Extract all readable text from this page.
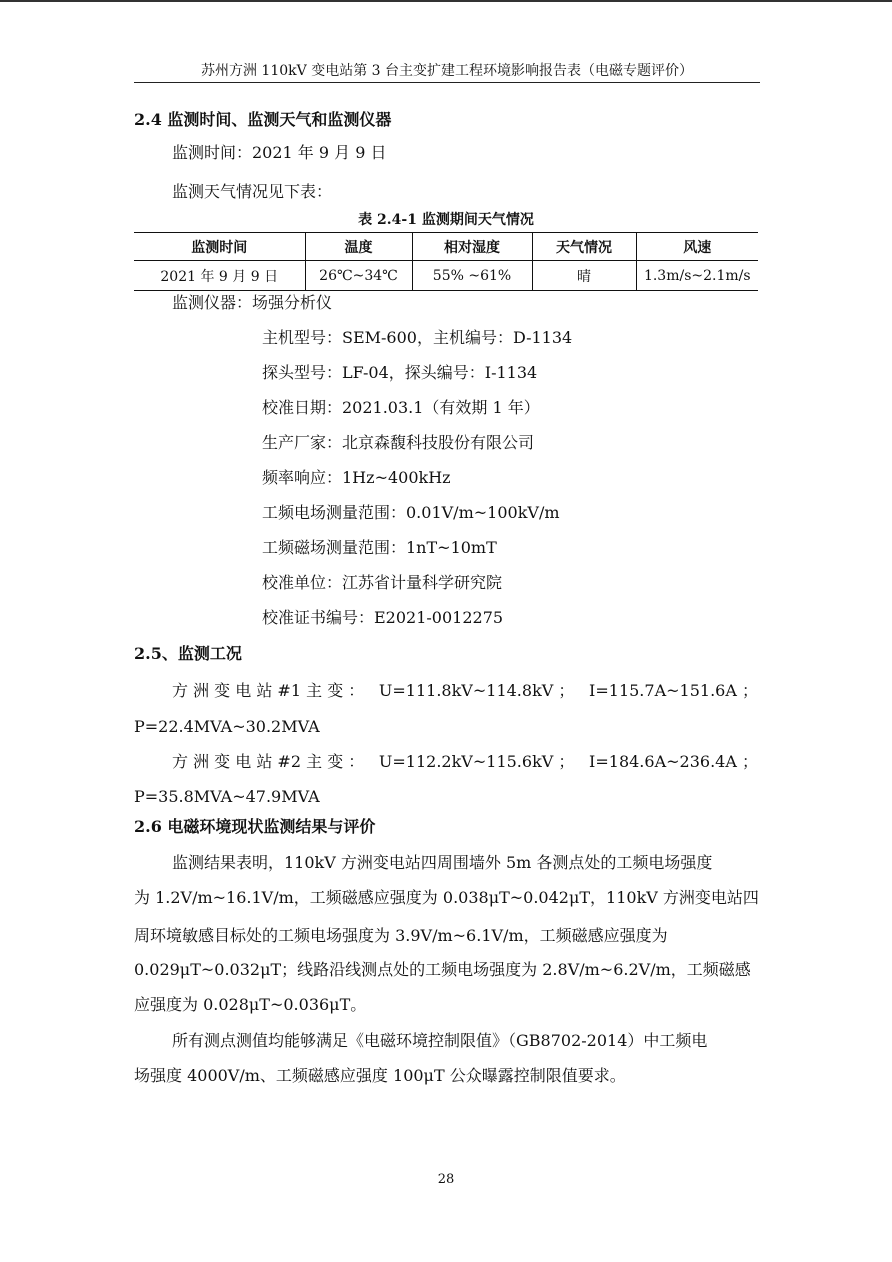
苏州方洲 110kV 变电站第 3 台主变扩建工程环境影响报告表（电磁专题评价）
2.4 监测时间、监测天气和监测仪器
监测时间：2021 年 9 月 9 日
监测天气情况见下表：
表 2.4-1 监测期间天气情况
监测时间	温度	相对湿度	天气情况	风速
2021 年 9 月 9 日	26℃~34℃	55% ~61%	晴	1.3m/s~2.1m/s
监测仪器：场强分析仪
主机型号：SEM-600，主机编号：D-1134
探头型号：LF-04，探头编号：I-1134
校准日期：2021.03.1（有效期 1 年）
生产厂家：北京森馥科技股份有限公司
频率响应：1Hz~400kHz
工频电场测量范围：0.01V/m~100kV/m
工频磁场测量范围：1nT~10mT
校准单位：江苏省计量科学研究院
校准证书编号：E2021-0012275
2.5、监测工况
方 洲 变 电 站 #1 主 变 ： U=111.8kV~114.8kV ； I=115.7A~151.6A ；
P=22.4MVA~30.2MVA
方 洲 变 电 站 #2 主 变 ： U=112.2kV~115.6kV ； I=184.6A~236.4A ；
P=35.8MVA~47.9MVA
2.6 电磁环境现状监测结果与评价
监测结果表明，110kV 方洲变电站四周围墙外 5m 各测点处的工频电场强度
为 1.2V/m~16.1V/m，工频磁感应强度为 0.038μT~0.042μT，110kV 方洲变电站四
周环境敏感目标处的工频电场强度为 3.9V/m~6.1V/m，工频磁感应强度为
0.029μT~0.032μT；线路沿线测点处的工频电场强度为 2.8V/m~6.2V/m，工频磁感
应强度为 0.028μT~0.036μT。
所有测点测值均能够满足《电磁环境控制限值》（GB8702-2014）中工频电
场强度 4000V/m、工频磁感应强度 100μT 公众曝露控制限值要求。
28
